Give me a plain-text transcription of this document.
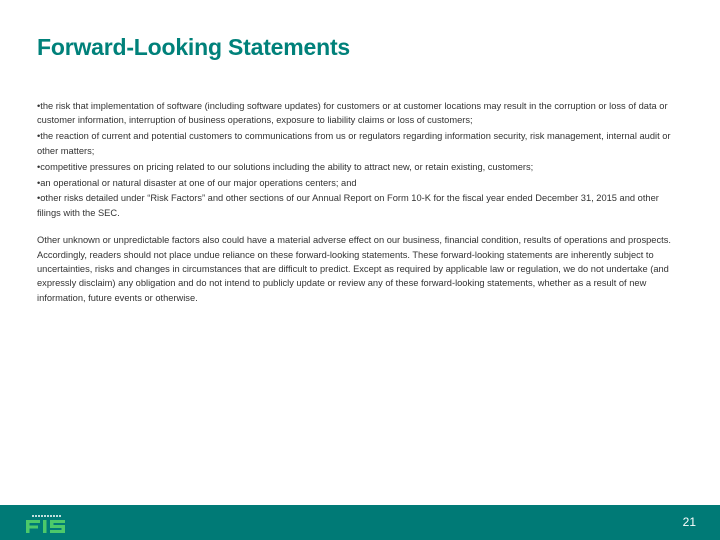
Forward-Looking Statements
•the risk that implementation of software (including software updates) for customers or at customer locations may result in the corruption or loss of data or customer information, interruption of business operations, exposure to liability claims or loss of customers;
•the reaction of current and potential customers to communications from us or regulators regarding information security, risk management, internal audit or other matters;
•competitive pressures on pricing related to our solutions including the ability to attract new, or retain existing, customers;
•an operational or natural disaster at one of our major operations centers; and
•other risks detailed under “Risk Factors” and other sections of our Annual Report on Form 10-K for the fiscal year ended December 31, 2015 and other filings with the SEC.

Other unknown or unpredictable factors also could have a material adverse effect on our business, financial condition, results of operations and prospects. Accordingly, readers should not place undue reliance on these forward-looking statements. These forward-looking statements are inherently subject to uncertainties, risks and changes in circumstances that are difficult to predict. Except as required by applicable law or regulation, we do not undertake (and expressly disclaim) any obligation and do not intend to publicly update or review any of these forward-looking statements, whether as a result of new information, future events or otherwise.

21
